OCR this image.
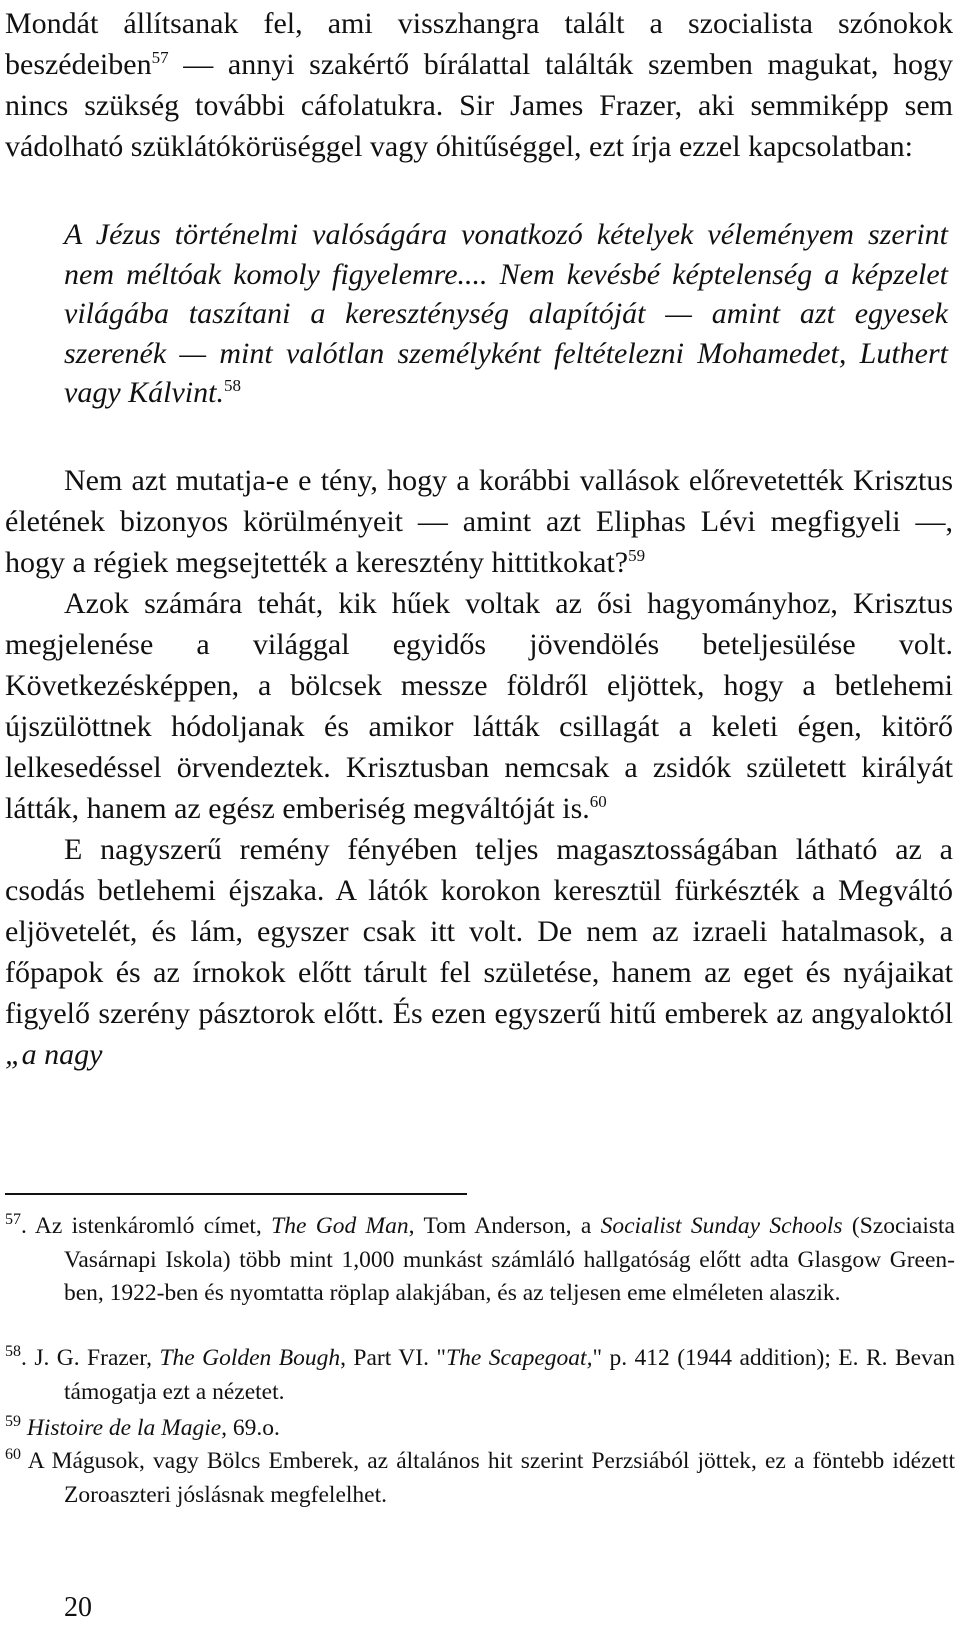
Mondát állítsanak fel, ami visszhangra talált a szocialista szónokok beszédeiben$^{57}$ — annyi szakértő bírálattal találták szemben magukat, hogy nincs szükség további cáfolatukra. Sir James Frazer, aki semmiképp sem vádolható szüklátókörüséggel vagy óhitűséggel, ezt írja ezzel kapcsolatban:

A Jézus történelmi valóságára vonatkozó kételyek véleményem szerint nem méltóak komoly figyelemre.... Nem kevésbé képtelenség a képzelet világába taszítani a kereszténység alapítóját — amint azt egyesek szerenék — mint valótlan személyként feltételezni Mohamedet, Luthert vagy Kálvint.$^{58}$

Nem azt mutatja-e e tény, hogy a korábbi vallások előrevetették Krisztus életének bizonyos körülményeit — amint azt Eliphas Lévi megfigyeli —, hogy a régiek megsejtették a keresztény hittitkokat?$^{59}$

Azok számára tehát, kik hűek voltak az ősi hagyományhoz, Krisztus megjelenése a világgal egyidős jövendölés beteljesülése volt. Következésképpen, a bölcsek messze földről eljöttek, hogy a betlehemi újszülöttnek hódoljanak és amikor látták csillagát a keleti égen, kitörő lelkesedéssel örvendeztek. Krisztusban nemcsak a zsidók született királyát látták, hanem az egész emberiség megváltóját is.$^{60}$

E nagyszerű remény fényében teljes magasztosságában látható az a csodás betlehemi éjszaka. A látók korokon keresztül fürkészték a Megváltó eljövetelét, és lám, egyszer csak itt volt. De nem az izraeli hatalmasok, a főpapok és az írnokok előtt tárult fel születése, hanem az eget és nyájaikat figyelő szerény pásztorok előtt. És ezen egyszerű hitű emberek az angyaloktól „a nagy

$^{57}$. Az istenkáromló címet, The God Man, Tom Anderson, a Socialist Sunday Schools (Szociaista Vasárnapi Iskola) több mint 1,000 munkást számláló hallgatóság előtt adta Glasgow Green-ben, 1922-ben és nyomtatta röplap alakjában, és az teljesen eme elméleten alaszik.
$^{58}$. J. G. Frazer, The Golden Bough, Part VI. "The Scapegoat," p. 412 (1944 addition); E. R. Bevan támogatja ezt a nézetet.
$^{59}$ Histoire de la Magie, 69.o.
$^{60}$ A Mágusok, vagy Bölcs Emberek, az általános hit szerint Perzsiából jöttek, ez a föntebb idézett Zoroaszteri jóslásnak megfelelhet.
20
